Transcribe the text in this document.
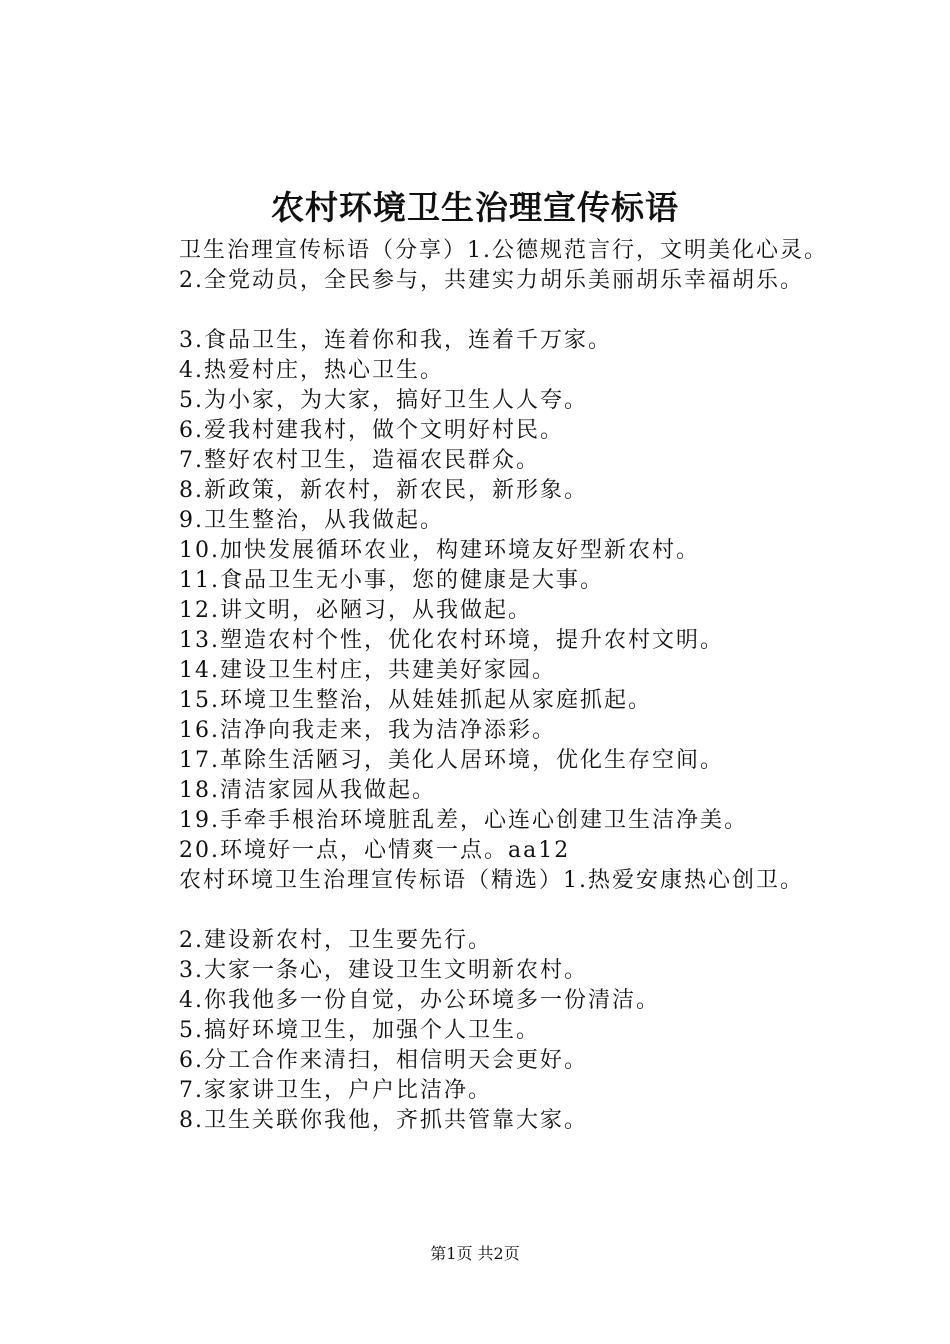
农村环境卫生治理宣传标语

卫生治理宣传标语（分享）1.公德规范言行，文明美化心灵。

2.全党动员，全民参与，共建实力胡乐美丽胡乐幸福胡乐。

3.食品卫生，连着你和我，连着千万家。

4.热爱村庄，热心卫生。

5.为小家，为大家，搞好卫生人人夸。

6.爱我村建我村，做个文明好村民。

7.整好农村卫生，造福农民群众。

8.新政策，新农村，新农民，新形象。

9.卫生整治，从我做起。

10.加快发展循环农业，构建环境友好型新农村。

11.食品卫生无小事，您的健康是大事。

12.讲文明，必陋习，从我做起。

13.塑造农村个性，优化农村环境，提升农村文明。

14.建设卫生村庄，共建美好家园。

15.环境卫生整治，从娃娃抓起从家庭抓起。

16.洁净向我走来，我为洁净添彩。

17.革除生活陋习，美化人居环境，优化生存空间。

18.清洁家园从我做起。

19.手牵手根治环境脏乱差，心连心创建卫生洁净美。

20.环境好一点，心情爽一点。aa12

农村环境卫生治理宣传标语（精选）1.热爱安康热心创卫。

2.建设新农村，卫生要先行。

3.大家一条心，建设卫生文明新农村。

4.你我他多一份自觉，办公环境多一份清洁。

5.搞好环境卫生，加强个人卫生。

6.分工合作来清扫，相信明天会更好。

7.家家讲卫生，户户比洁净。

8.卫生关联你我他，齐抓共管靠大家。

第1页 共2页
